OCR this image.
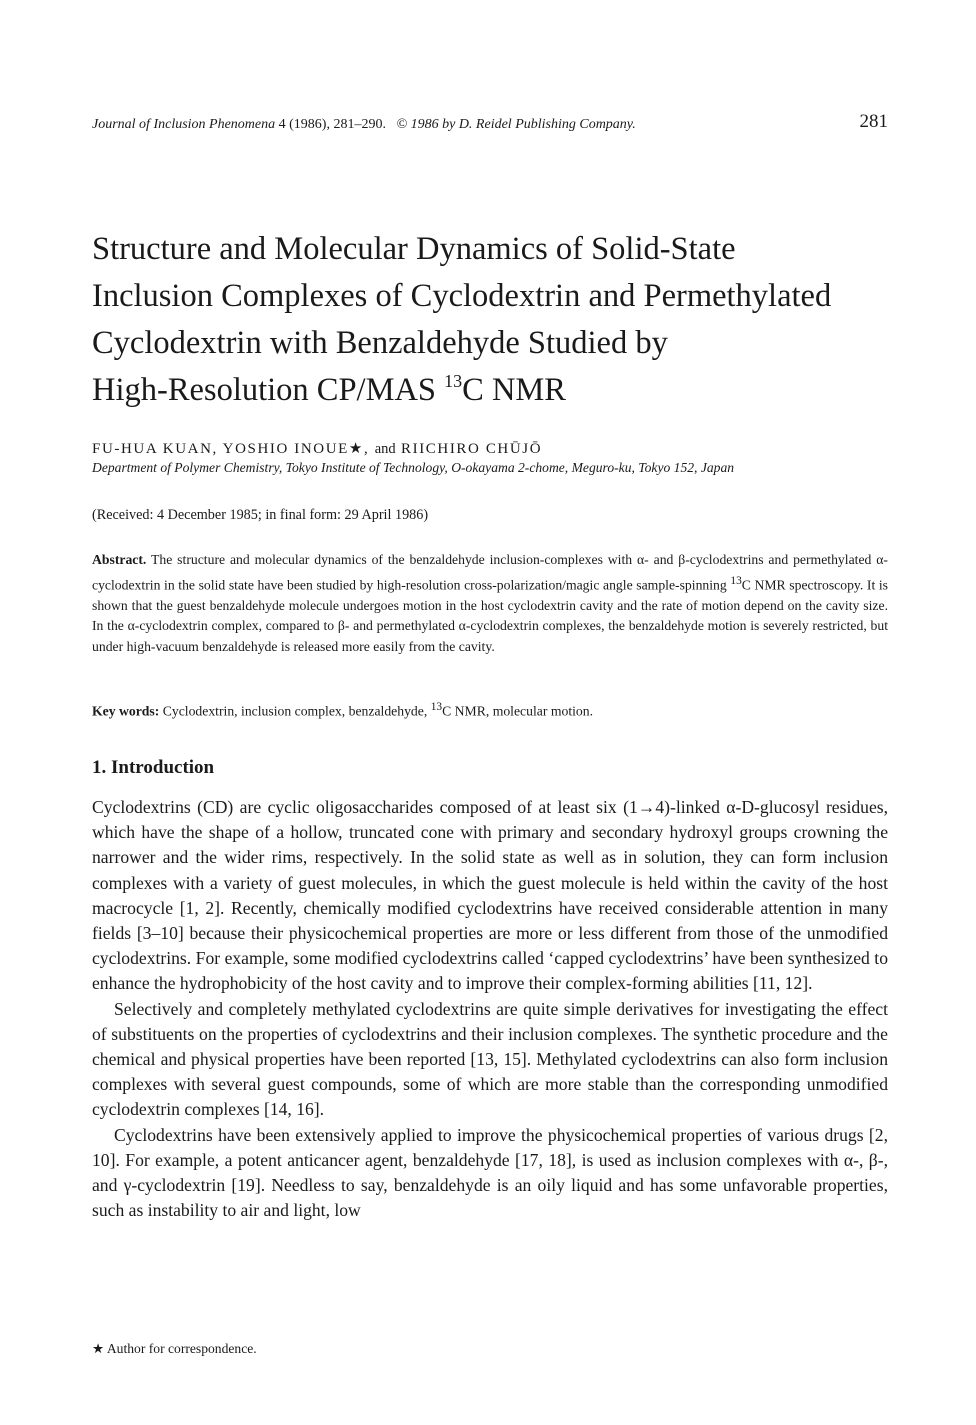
Journal of Inclusion Phenomena 4 (1986), 281–290. © 1986 by D. Reidel Publishing Company.	281
Structure and Molecular Dynamics of Solid-State
Inclusion Complexes of Cyclodextrin and Permethylated
Cyclodextrin with Benzaldehyde Studied by
High-Resolution CP/MAS $^{13}$C NMR
FU-HUA KUAN, YOSHIO INOUE★, and RIICHIRO CHŪJŌ
Department of Polymer Chemistry, Tokyo Institute of Technology, O-okayama 2-chome, Meguro-ku, Tokyo 152, Japan
(Received: 4 December 1985; in final form: 29 April 1986)
Abstract. The structure and molecular dynamics of the benzaldehyde inclusion-complexes with α- and β-cyclodextrins and permethylated α-cyclodextrin in the solid state have been studied by high-resolution cross-polarization/magic angle sample-spinning $^{13}$C NMR spectroscopy. It is shown that the guest benzaldehyde molecule undergoes motion in the host cyclodextrin cavity and the rate of motion depend on the cavity size. In the α-cyclodextrin complex, compared to β- and permethylated α-cyclodextrin complexes, the benzaldehyde motion is severely restricted, but under high-vacuum benzaldehyde is released more easily from the cavity.
Key words: Cyclodextrin, inclusion complex, benzaldehyde, $^{13}$C NMR, molecular motion.
1. Introduction

Cyclodextrins (CD) are cyclic oligosaccharides composed of at least six (1→4)-linked α-D-glucosyl residues, which have the shape of a hollow, truncated cone with primary and secondary hydroxyl groups crowning the narrower and the wider rims, respectively. In the solid state as well as in solution, they can form inclusion complexes with a variety of guest molecules, in which the guest molecule is held within the cavity of the host macrocycle [1, 2]. Recently, chemically modified cyclodextrins have received considerable attention in many fields [3–10] because their physicochemical properties are more or less different from those of the unmodified cyclodextrins. For example, some modified cyclodextrins called ‘capped cyclodextrins’ have been synthesized to enhance the hydrophobicity of the host cavity and to improve their complex-forming abilities [11, 12].

Selectively and completely methylated cyclodextrins are quite simple derivatives for investigating the effect of substituents on the properties of cyclodextrins and their inclusion complexes. The synthetic procedure and the chemical and physical properties have been reported [13, 15]. Methylated cyclodextrins can also form inclusion complexes with several guest compounds, some of which are more stable than the corresponding unmodified cyclodextrin complexes [14, 16].

Cyclodextrins have been extensively applied to improve the physicochemical properties of various drugs [2, 10]. For example, a potent anticancer agent, benzaldehyde [17, 18], is used as inclusion complexes with α-, β-, and γ-cyclodextrin [19]. Needless to say, benzaldehyde is an oily liquid and has some unfavorable properties, such as instability to air and light, low

★ Author for correspondence.
